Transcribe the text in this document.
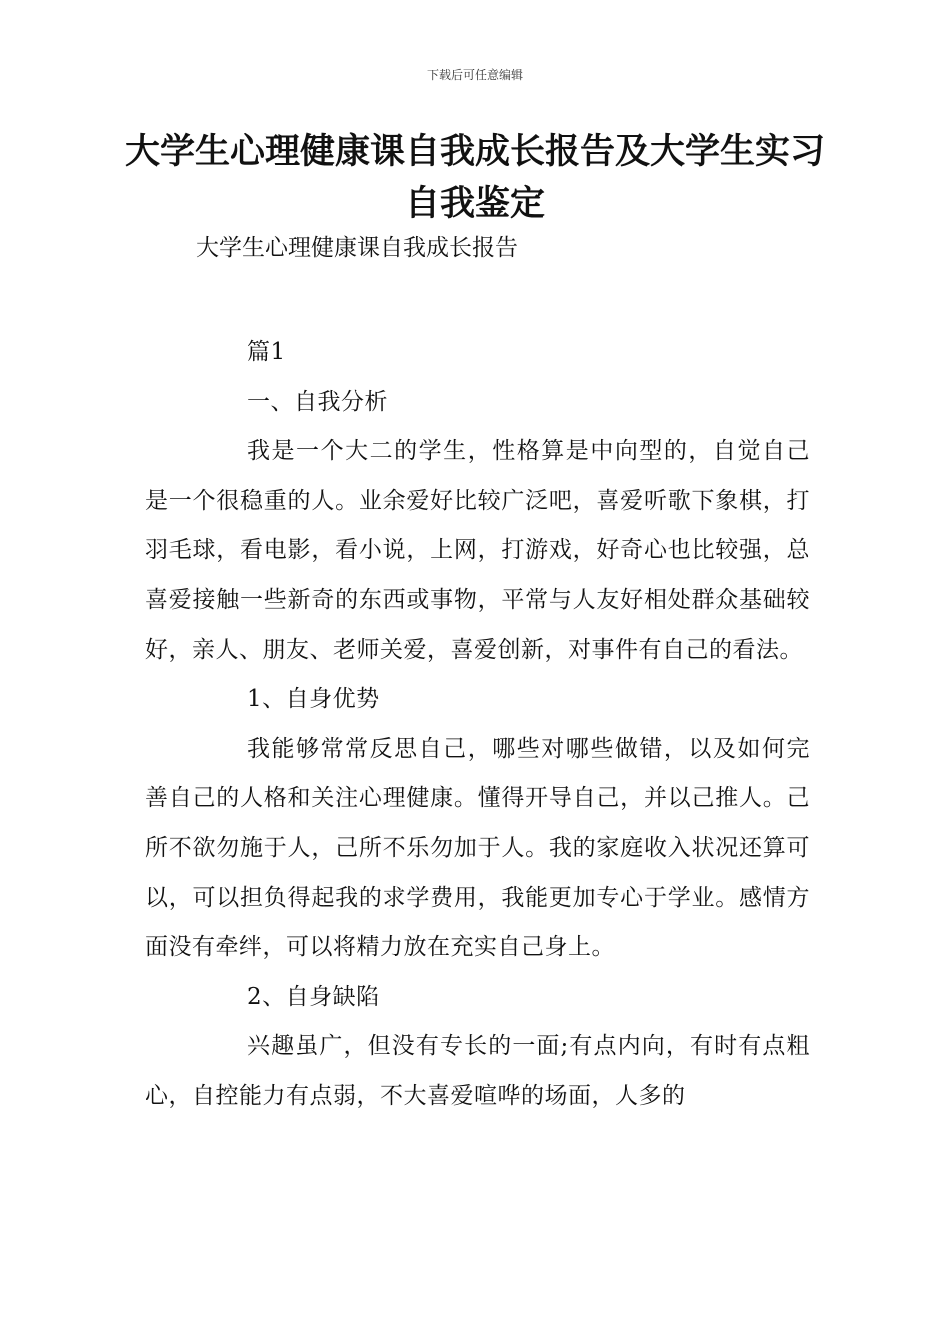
下载后可任意编辑
大学生心理健康课自我成长报告及大学生实习自我鉴定

大学生心理健康课自我成长报告

篇1

一、自我分析

我是一个大二的学生，性格算是中向型的，自觉自己是一个很稳重的人。业余爱好比较广泛吧，喜爱听歌下象棋，打羽毛球，看电影，看小说，上网，打游戏，好奇心也比较强，总喜爱接触一些新奇的东西或事物，平常与人友好相处群众基础较好，亲人、朋友、老师关爱，喜爱创新，对事件有自己的看法。

1、自身优势

我能够常常反思自己，哪些对哪些做错，以及如何完善自己的人格和关注心理健康。懂得开导自己，并以己推人。己所不欲勿施于人，己所不乐勿加于人。我的家庭收入状况还算可以，可以担负得起我的求学费用，我能更加专心于学业。感情方面没有牵绊，可以将精力放在充实自己身上。

2、自身缺陷

兴趣虽广，但没有专长的一面;有点内向，有时有点粗心，自控能力有点弱，不大喜爱喧哗的场面，人多的
